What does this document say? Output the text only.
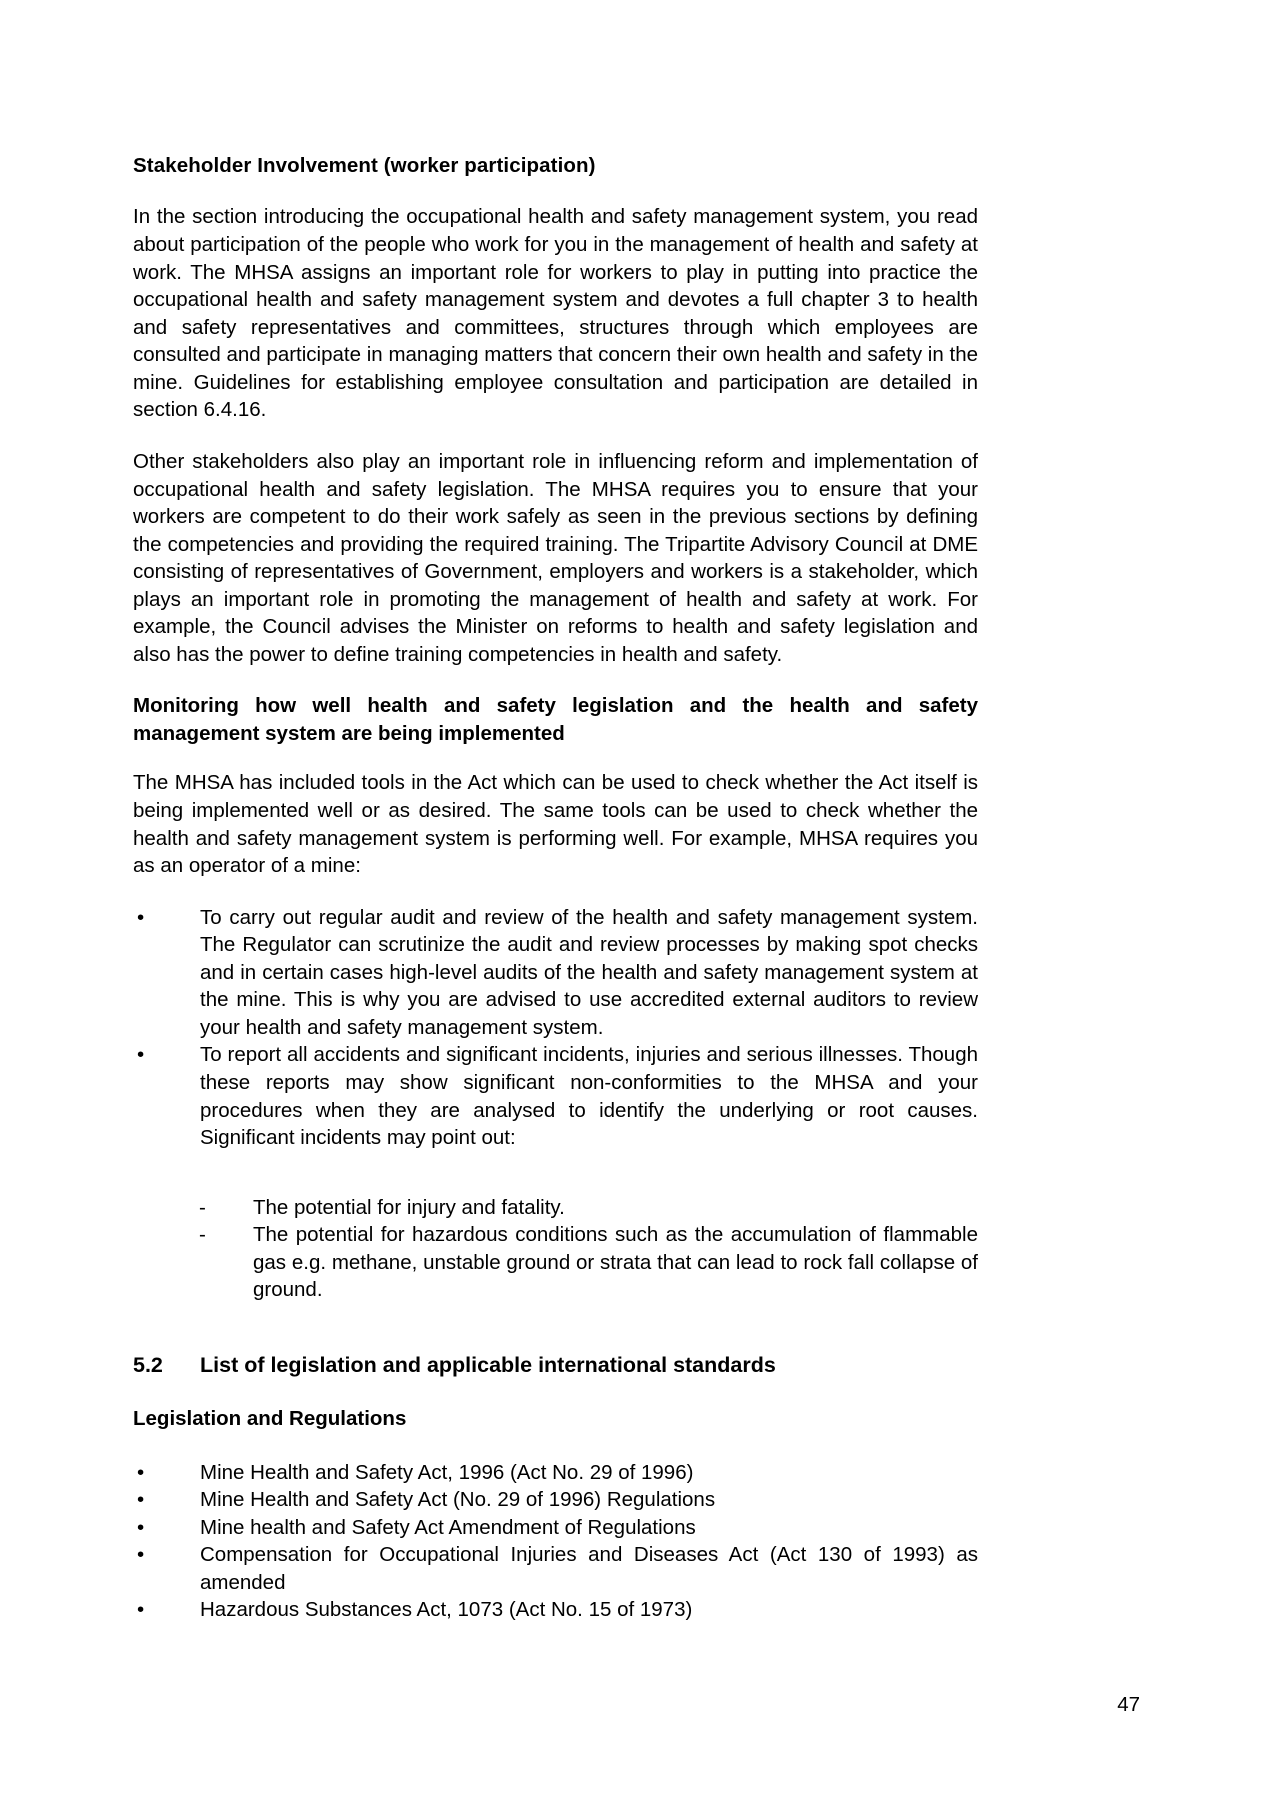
Stakeholder Involvement (worker participation)

In the section introducing the occupational health and safety management system, you read about participation of the people who work for you in the management of health and safety at work. The MHSA assigns an important role for workers to play in putting into practice the occupational health and safety management system and devotes a full chapter 3 to health and safety representatives and committees, structures through which employees are consulted and participate in managing matters that concern their own health and safety in the mine. Guidelines for establishing employee consultation and participation are detailed in section 6.4.16.

Other stakeholders also play an important role in influencing reform and implementation of occupational health and safety legislation. The MHSA requires you to ensure that your workers are competent to do their work safely as seen in the previous sections by defining the competencies and providing the required training. The Tripartite Advisory Council at DME consisting of representatives of Government, employers and workers is a stakeholder, which plays an important role in promoting the management of health and safety at work. For example, the Council advises the Minister on reforms to health and safety legislation and also has the power to define training competencies in health and safety.

Monitoring how well health and safety legislation and the health and safety management system are being implemented

The MHSA has included tools in the Act which can be used to check whether the Act itself is being implemented well or as desired. The same tools can be used to check whether the health and safety management system is performing well. For example, MHSA requires you as an operator of a mine:

•	To carry out regular audit and review of the health and safety management system. The Regulator can scrutinize the audit and review processes by making spot checks and in certain cases high-level audits of the health and safety management system at the mine. This is why you are advised to use accredited external auditors to review your health and safety management system.
•	To report all accidents and significant incidents, injuries and serious illnesses. Though these reports may show significant non-conformities to the MHSA and your procedures when they are analysed to identify the underlying or root causes. Significant incidents may point out:
-	The potential for injury and fatality.
-	The potential for hazardous conditions such as the accumulation of flammable gas e.g. methane, unstable ground or strata that can lead to rock fall collapse of ground.
5.2	List of legislation and applicable international standards
Legislation and Regulations
•	Mine Health and Safety Act, 1996 (Act No. 29 of 1996)
•	Mine Health and Safety Act (No. 29 of 1996) Regulations
•	Mine health and Safety Act Amendment of Regulations
•	Compensation for Occupational Injuries and Diseases Act (Act 130 of 1993) as amended
•	Hazardous Substances Act, 1073 (Act No. 15 of 1973)
47
